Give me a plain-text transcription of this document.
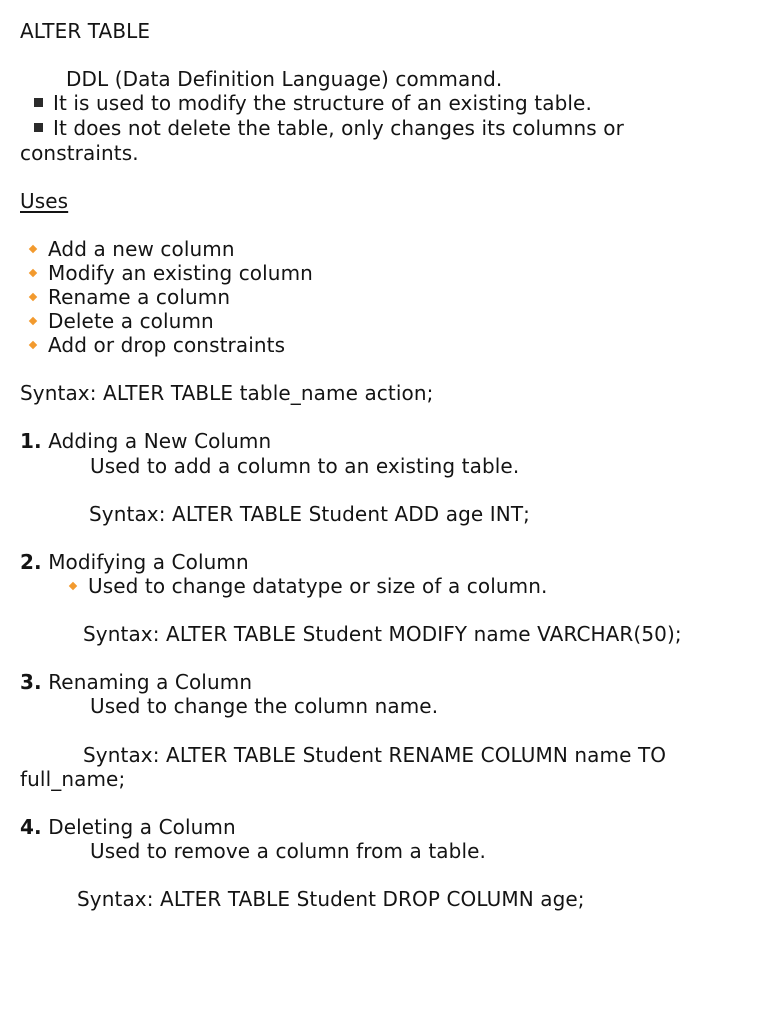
ALTER TABLE
DDL (Data Definition Language) command.
It is used to modify the structure of an existing table.
It does not delete the table, only changes its columns or
constraints.
Uses
Add a new column
Modify an existing column
Rename a column
Delete a column
Add or drop constraints
Syntax: ALTER TABLE table_name action;
1. Adding a New Column
Used to add a column to an existing table.
Syntax: ALTER TABLE Student ADD age INT;
2. Modifying a Column
Used to change datatype or size of a column.
Syntax: ALTER TABLE Student MODIFY name VARCHAR(50);
3. Renaming a Column
Used to change the column name.
Syntax: ALTER TABLE Student RENAME COLUMN name TO
full_name;
4. Deleting a Column
Used to remove a column from a table.
Syntax: ALTER TABLE Student DROP COLUMN age;
